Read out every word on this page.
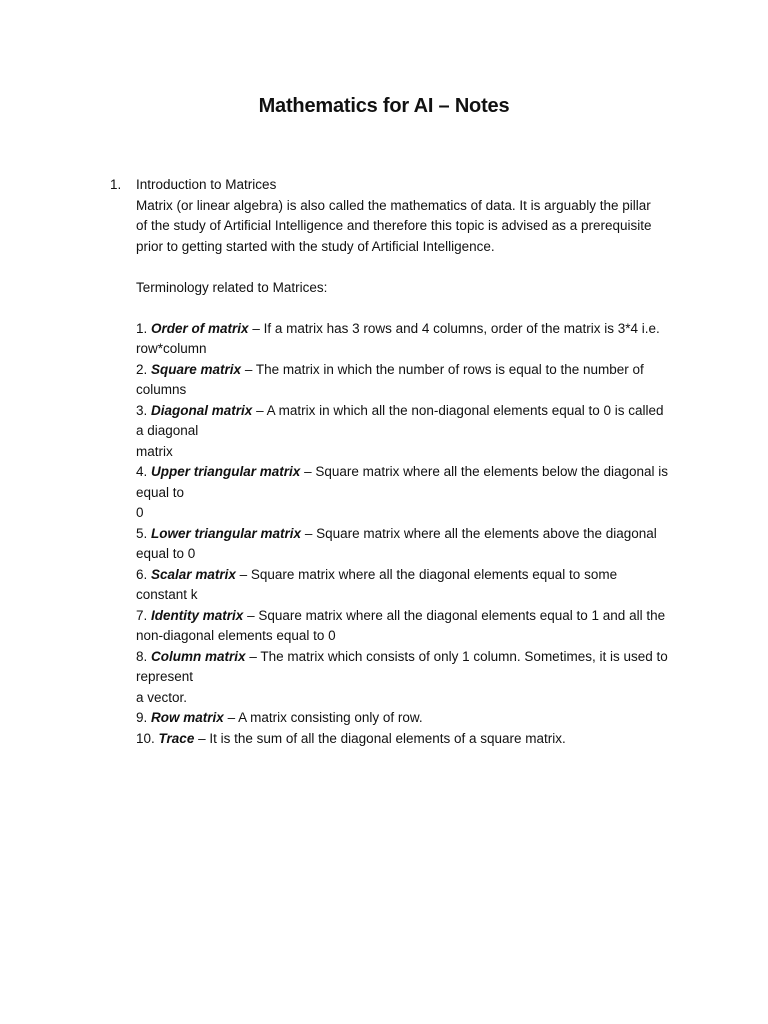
Mathematics for AI – Notes
1. Introduction to Matrices
Matrix (or linear algebra) is also called the mathematics of data. It is arguably the pillar
of the study of Artificial Intelligence and therefore this topic is advised as a prerequisite
prior to getting started with the study of Artificial Intelligence.
Terminology related to Matrices:
1. Order of matrix – If a matrix has 3 rows and 4 columns, order of the matrix is 3*4 i.e.
row*column
2. Square matrix – The matrix in which the number of rows is equal to the number of
columns
3. Diagonal matrix – A matrix in which all the non-diagonal elements equal to 0 is called
a diagonal
matrix
4. Upper triangular matrix – Square matrix where all the elements below the diagonal is
equal to
0
5. Lower triangular matrix – Square matrix where all the elements above the diagonal
equal to 0
6. Scalar matrix – Square matrix where all the diagonal elements equal to some
constant k
7. Identity matrix – Square matrix where all the diagonal elements equal to 1 and all the
non-diagonal elements equal to 0
8. Column matrix – The matrix which consists of only 1 column. Sometimes, it is used to
represent
a vector.
9. Row matrix – A matrix consisting only of row.
10. Trace – It is the sum of all the diagonal elements of a square matrix.
